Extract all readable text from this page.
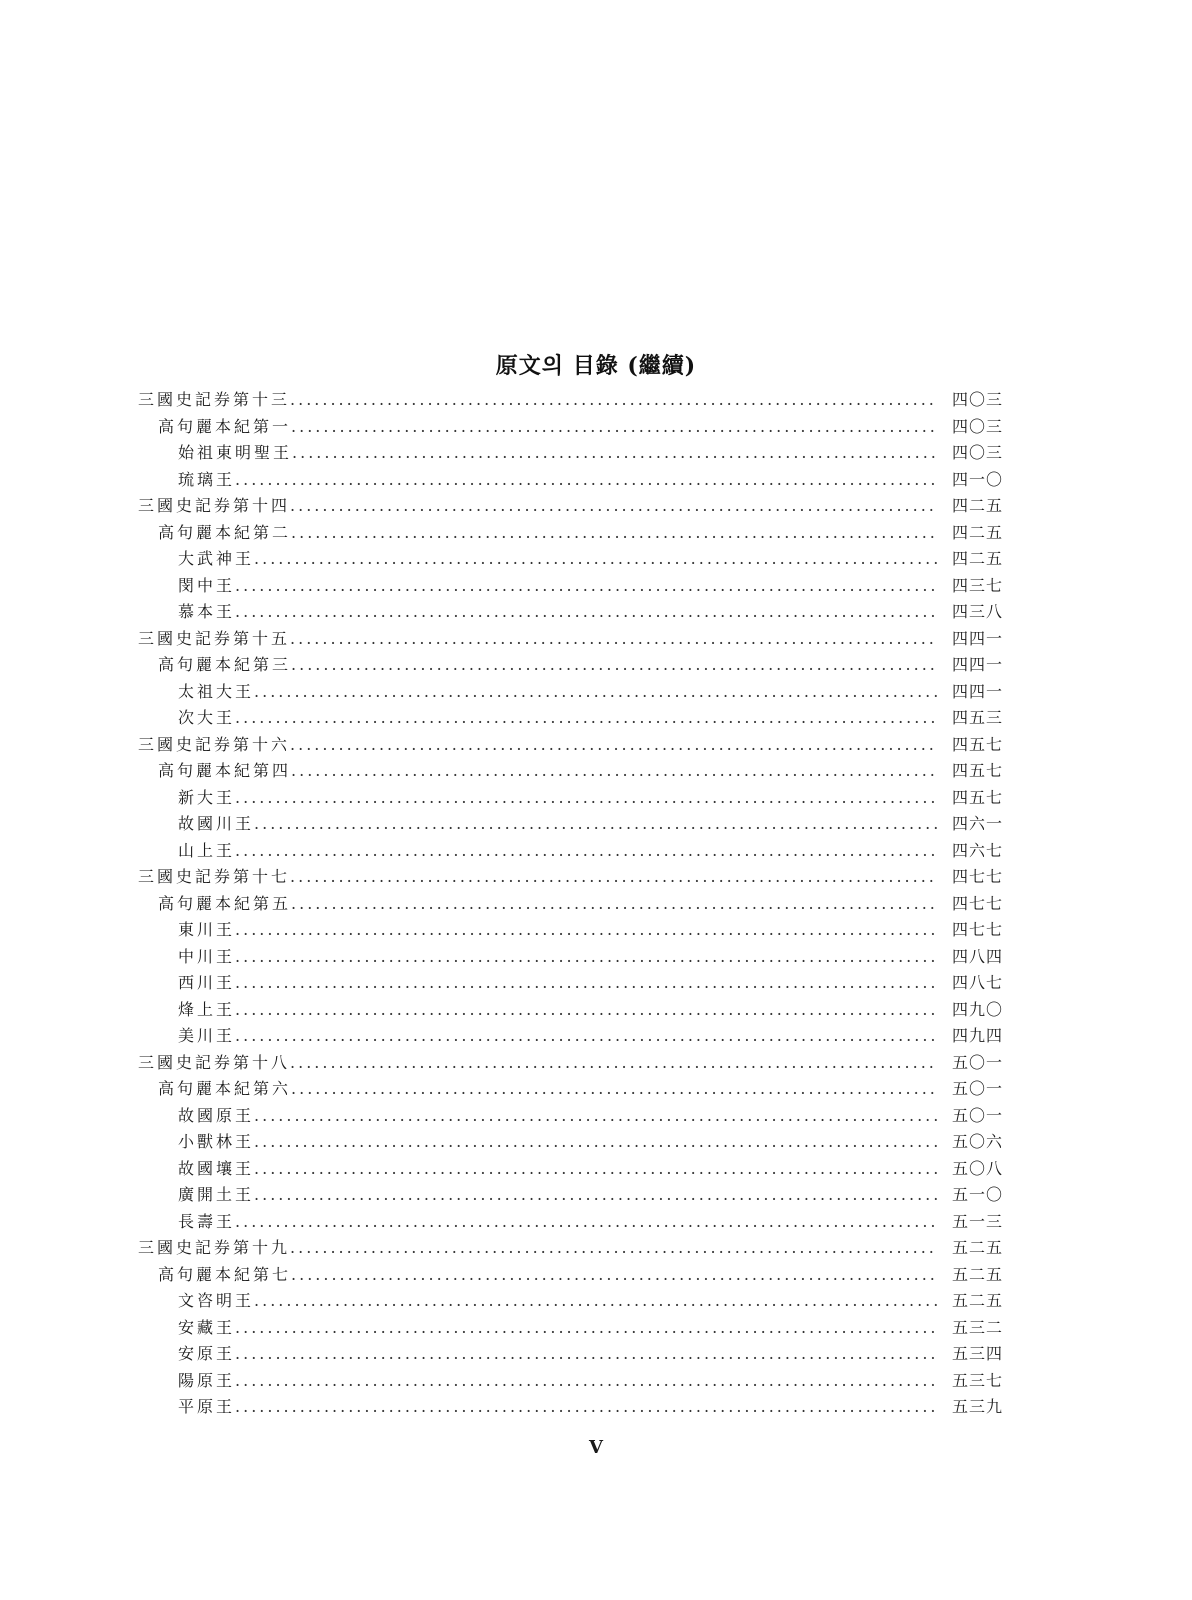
原文의 目錄 (繼續)
三國史記券第十三 .....	四〇三
高句麗本紀第一 .....	四〇三
始祖東明聖王 .....	四〇三
琉璃王 .....	四一〇
三國史記券第十四 .....	四二五
高句麗本紀第二 .....	四二五
大武神王 .....	四二五
閔中王 .....	四三七
慕本王 .....	四三八
三國史記券第十五 .....	四四一
高句麗本紀第三 .....	四四一
太祖大王 .....	四四一
次大王 .....	四五三
三國史記券第十六 .....	四五七
高句麗本紀第四 .....	四五七
新大王 .....	四五七
故國川王 .....	四六一
山上王 .....	四六七
三國史記券第十七 .....	四七七
高句麗本紀第五 .....	四七七
東川王 .....	四七七
中川王 .....	四八四
西川王 .....	四八七
烽上王 .....	四九〇
美川王 .....	四九四
三國史記券第十八 .....	五〇一
高句麗本紀第六 .....	五〇一
故國原王 .....	五〇一
小獸林王 .....	五〇六
故國壤王 .....	五〇八
廣開土王 .....	五一〇
長壽王 .....	五一三
三國史記券第十九 .....	五二五
高句麗本紀第七 .....	五二五
文咨明王 .....	五二五
安藏王 .....	五三二
安原王 .....	五三四
陽原王 .....	五三七
平原王 .....	五三九
V
